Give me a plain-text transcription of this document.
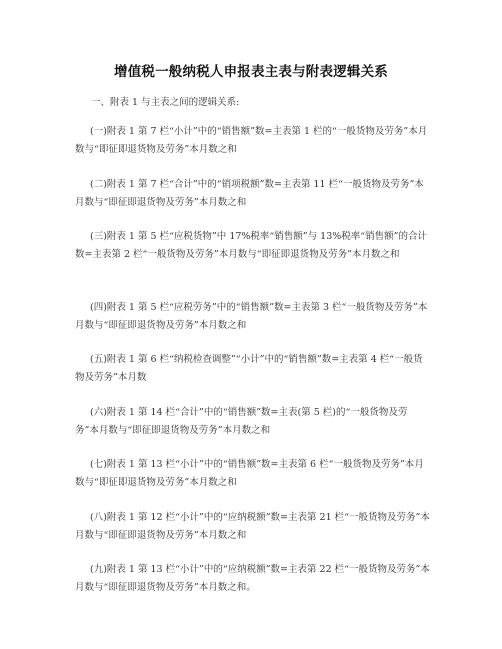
增值税一般纳税人申报表主表与附表逻辑关系
一、附表 1 与主表之间的逻辑关系:

(一)附表 1 第 7 栏“小计”中的“销售额”数=主表第 1 栏的“一般货物及劳务”本月数与“即征即退货物及劳务”本月数之和

(二)附表 1 第 7 栏“合计”中的“销项税额”数=主表第 11 栏“一般货物及劳务”本月数与“即征即退货物及劳务”本月数之和

(三)附表 1 第 5 栏“应税货物”中 17%税率“销售额”与 13%税率“销售额”的合计数=主表第 2 栏“一般货物及劳务”本月数与“即征即退货物及劳务”本月数之和

(四)附表 1 第 5 栏“应税劳务”中的“销售额”数=主表第 3 栏“一般货物及劳务”本月数与“即征即退货物及劳务”本月数之和

(五)附表 1 第 6 栏“纳税检查调整”“小计”中的“销售额”数=主表第 4 栏“一般货物及劳务”本月数

(六)附表 1 第 14 栏“合计”中的“销售额”数=主表(第 5 栏)的“一般货物及劳务”本月数与“即征即退货物及劳务”本月数之和

(七)附表 1 第 13 栏“小计”中的“销售额”数=主表第 6 栏“一般货物及劳务”本月数与“即征即退货物及劳务”本月数之和

(八)附表 1 第 12 栏“小计”中的“应纳税额”数=主表第 21 栏“一般货物及劳务”本月数与“即征即退货物及劳务”本月数之和

(九)附表 1 第 13 栏“小计”中的“应纳税额”数=主表第 22 栏“一般货物及劳务”本月数与“即征即退货物及劳务”本月数之和。
